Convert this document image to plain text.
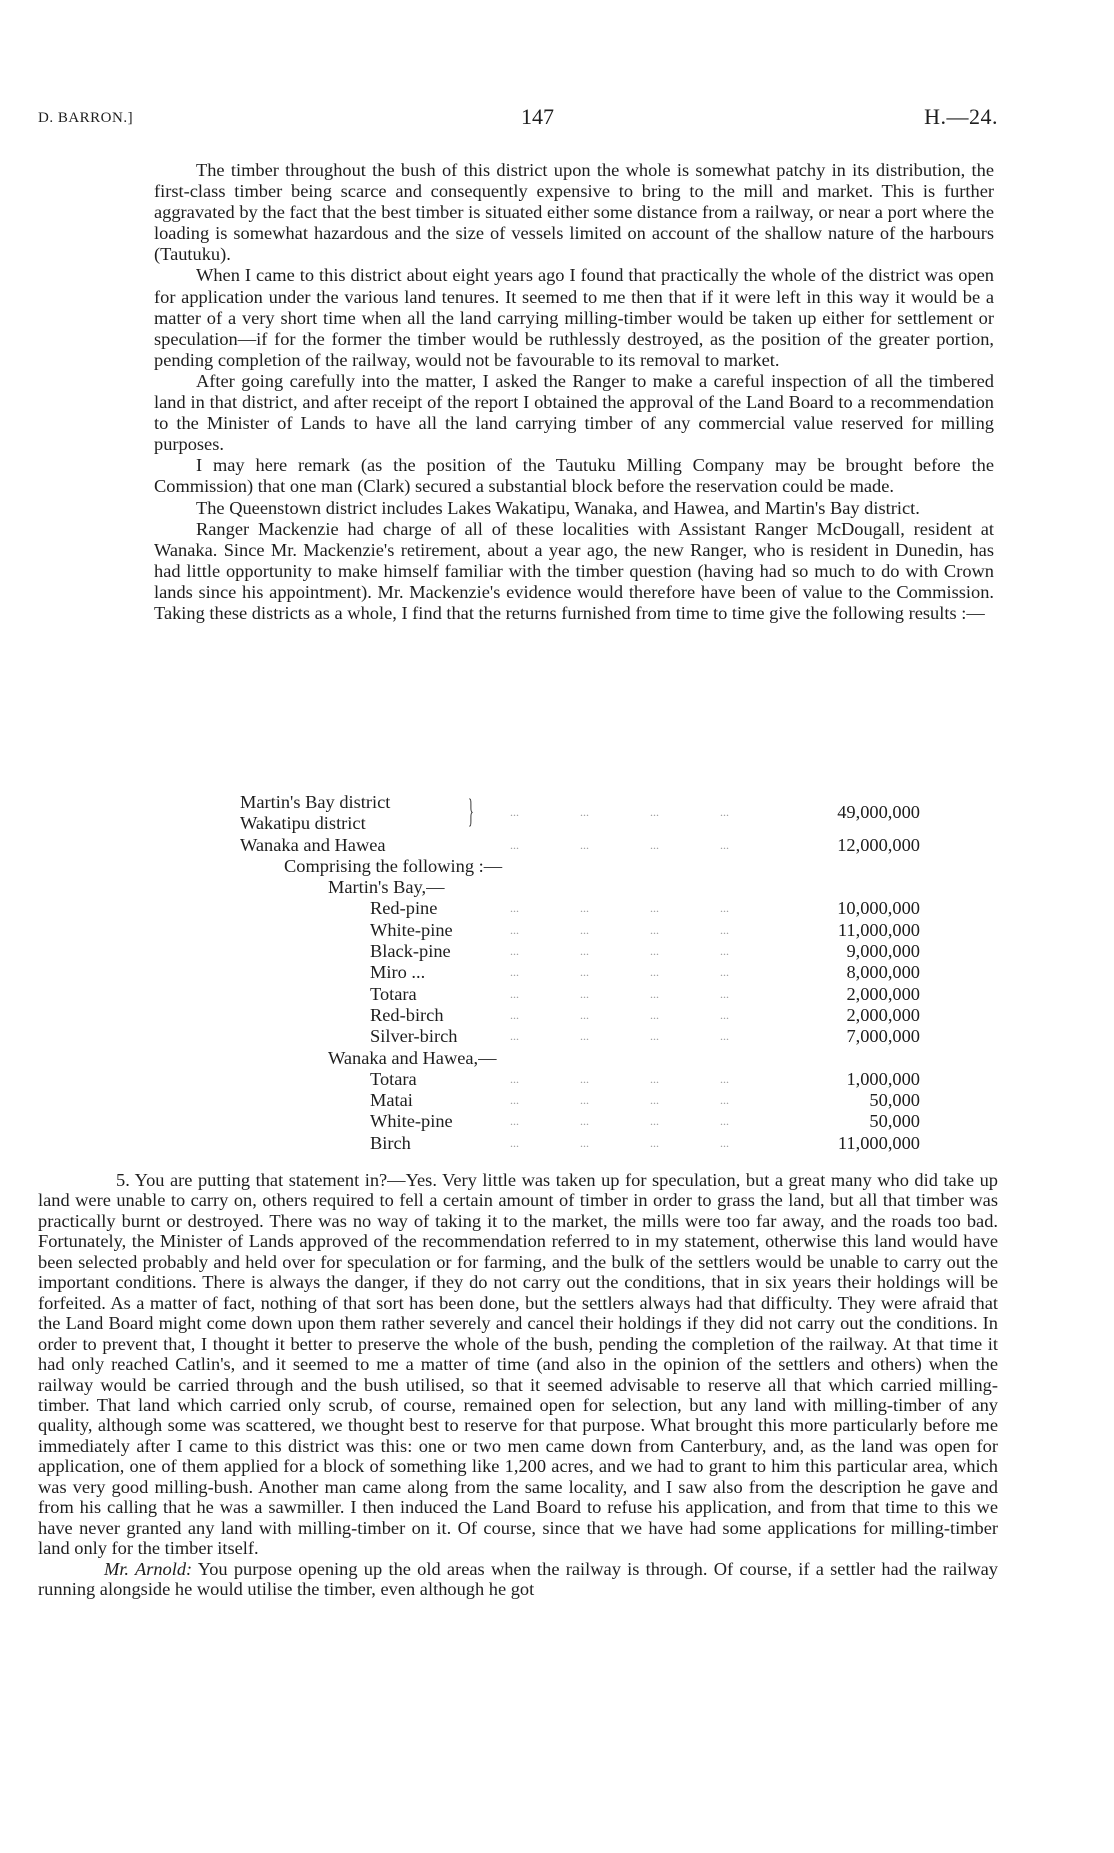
D. BARRON.]	147	H.—24.

The timber throughout the bush of this district upon the whole is somewhat patchy in its distribution, the first-class timber being scarce and consequently expensive to bring to the mill and market. This is further aggravated by the fact that the best timber is situated either some distance from a railway, or near a port where the loading is somewhat hazardous and the size of vessels limited on account of the shallow nature of the harbours (Tautuku).

When I came to this district about eight years ago I found that practically the whole of the district was open for application under the various land tenures. It seemed to me then that if it were left in this way it would be a matter of a very short time when all the land carrying milling-timber would be taken up either for settlement or speculation—if for the former the timber would be ruthlessly destroyed, as the position of the greater portion, pending completion of the railway, would not be favourable to its removal to market.

After going carefully into the matter, I asked the Ranger to make a careful inspection of all the timbered land in that district, and after receipt of the report I obtained the approval of the Land Board to a recommendation to the Minister of Lands to have all the land carrying timber of any commercial value reserved for milling purposes.

I may here remark (as the position of the Tautuku Milling Company may be brought before the Commission) that one man (Clark) secured a substantial block before the reservation could be made.

The Queenstown district includes Lakes Wakatipu, Wanaka, and Hawea, and Martin's Bay district.

Ranger Mackenzie had charge of all of these localities with Assistant Ranger McDougall, resident at Wanaka. Since Mr. Mackenzie's retirement, about a year ago, the new Ranger, who is resident in Dunedin, has had little opportunity to make himself familiar with the timber question (having had so much to do with Crown lands since his appointment). Mr. Mackenzie's evidence would therefore have been of value to the Commission. Taking these districts as a whole, I find that the returns furnished from time to time give the following results :—

Martin's Bay district }	...	...	...	...	49,000,000
Wakatipu district
Wanaka and Hawea	...	...	...	...	12,000,000
Comprising the following :—
Martin's Bay,—
Red-pine	...	...	...	...	10,000,000
White-pine	...	...	...	...	11,000,000
Black-pine	...	...	...	...	9,000,000
Miro ...	...	...	...	...	8,000,000
Totara	...	...	...	...	2,000,000
Red-birch	...	...	...	...	2,000,000
Silver-birch	...	...	...	...	7,000,000
Wanaka and Hawea,—
Totara	...	...	...	...	1,000,000
Matai	...	...	...	...	50,000
White-pine	...	...	...	...	50,000
Birch	...	...	...	...	11,000,000

5. You are putting that statement in?—Yes. Very little was taken up for speculation, but a great many who did take up land were unable to carry on, others required to fell a certain amount of timber in order to grass the land, but all that timber was practically burnt or destroyed. There was no way of taking it to the market, the mills were too far away, and the roads too bad. Fortunately, the Minister of Lands approved of the recommendation referred to in my statement, otherwise this land would have been selected probably and held over for speculation or for farming, and the bulk of the settlers would be unable to carry out the important conditions. There is always the danger, if they do not carry out the conditions, that in six years their holdings will be forfeited. As a matter of fact, nothing of that sort has been done, but the settlers always had that difficulty. They were afraid that the Land Board might come down upon them rather severely and cancel their holdings if they did not carry out the conditions. In order to prevent that, I thought it better to preserve the whole of the bush, pending the completion of the railway. At that time it had only reached Catlin's, and it seemed to me a matter of time (and also in the opinion of the settlers and others) when the railway would be carried through and the bush utilised, so that it seemed advisable to reserve all that which carried milling-timber. That land which carried only scrub, of course, remained open for selection, but any land with milling-timber of any quality, although some was scattered, we thought best to reserve for that purpose. What brought this more particularly before me immediately after I came to this district was this: one or two men came down from Canterbury, and, as the land was open for application, one of them applied for a block of something like 1,200 acres, and we had to grant to him this particular area, which was very good milling-bush. Another man came along from the same locality, and I saw also from the description he gave and from his calling that he was a sawmiller. I then induced the Land Board to refuse his application, and from that time to this we have never granted any land with milling-timber on it. Of course, since that we have had some applications for milling-timber land only for the timber itself.

Mr. Arnold: You purpose opening up the old areas when the railway is through. Of course, if a settler had the railway running alongside he would utilise the timber, even although he got
